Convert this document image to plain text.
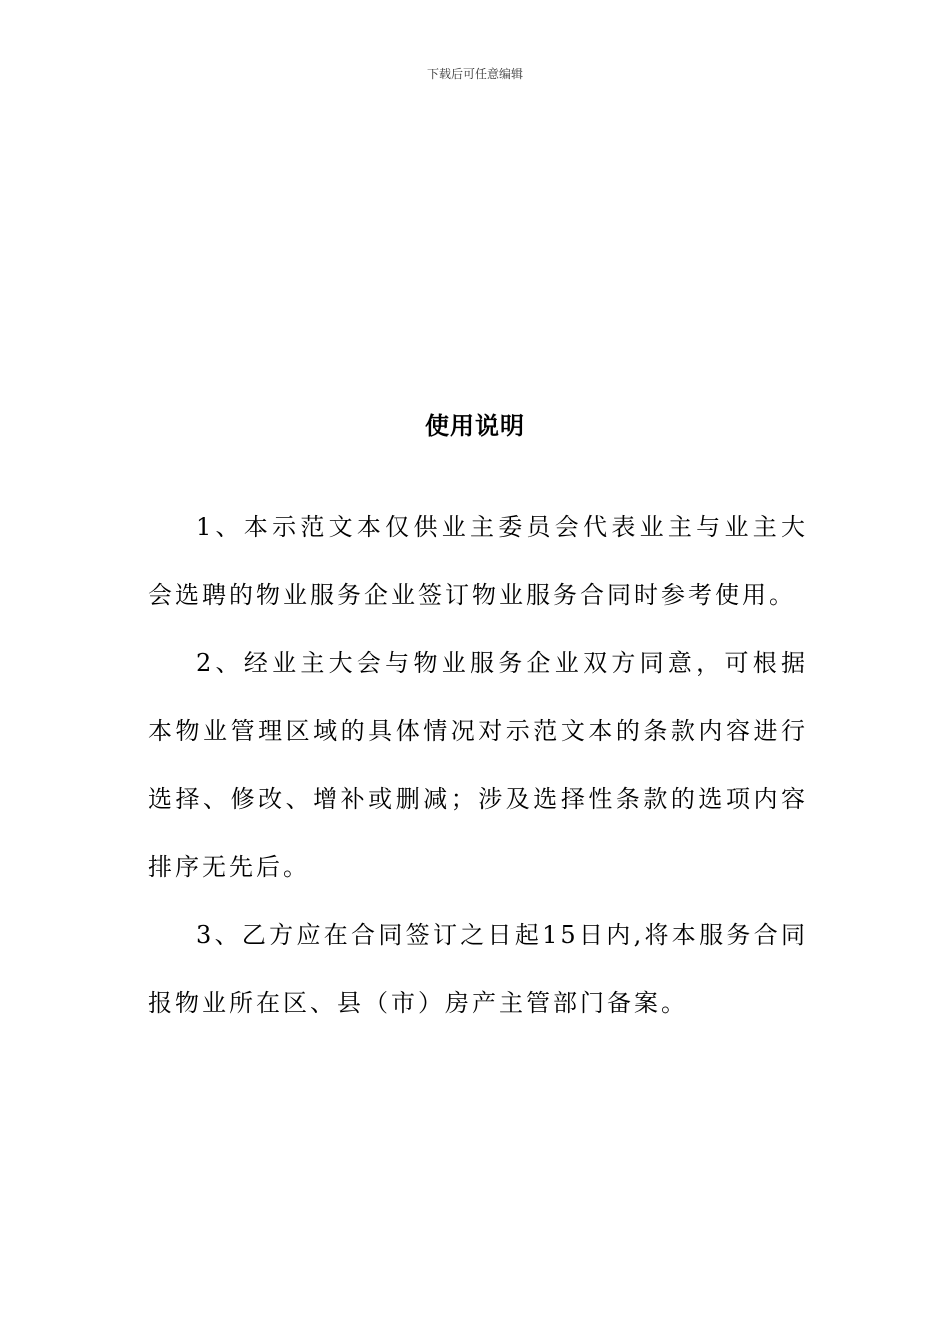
下载后可任意编辑
使用说明

1、本示范文本仅供业主委员会代表业主与业主大会选聘的物业服务企业签订物业服务合同时参考使用。

2、经业主大会与物业服务企业双方同意，可根据本物业管理区域的具体情况对示范文本的条款内容进行选择、修改、增补或删减；涉及选择性条款的选项内容排序无先后。

3、乙方应在合同签订之日起15日内,将本服务合同报物业所在区、县（市）房产主管部门备案。
